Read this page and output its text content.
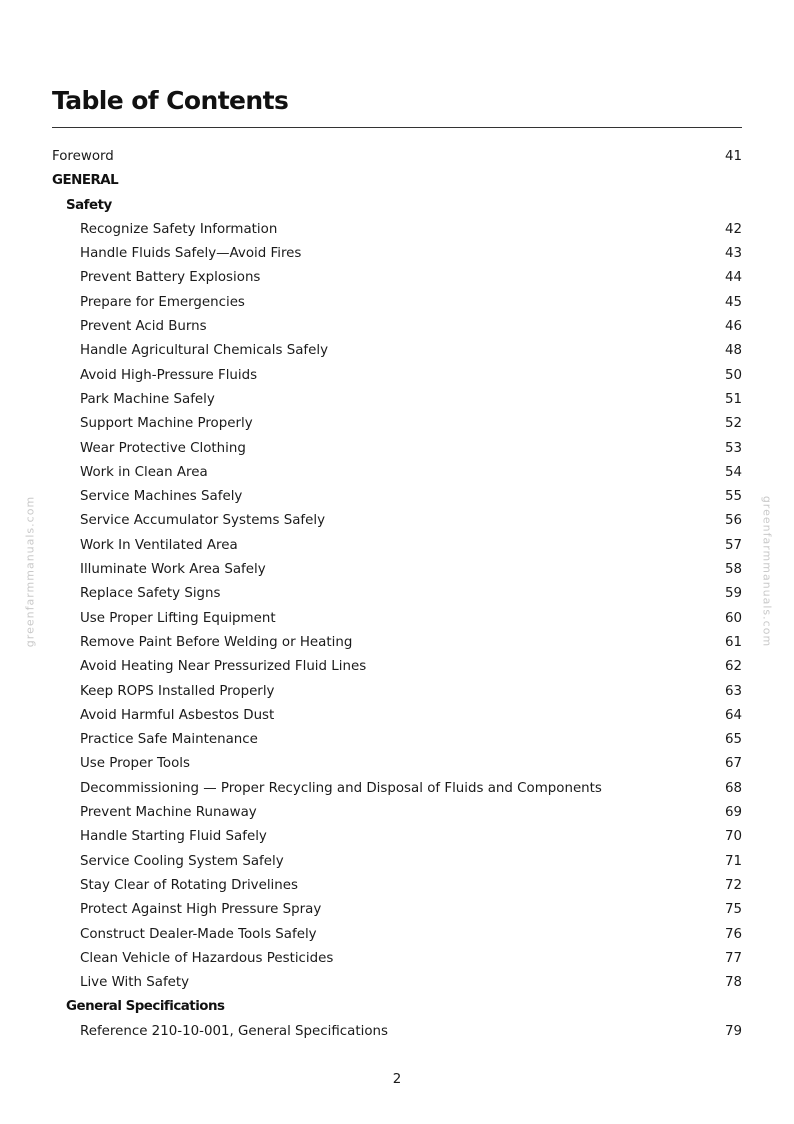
Table of Contents
Foreword	41
GENERAL
Safety
Recognize Safety Information	42
Handle Fluids Safely—Avoid Fires	43
Prevent Battery Explosions	44
Prepare for Emergencies	45
Prevent Acid Burns	46
Handle Agricultural Chemicals Safely	48
Avoid High-Pressure Fluids	50
Park Machine Safely	51
Support Machine Properly	52
Wear Protective Clothing	53
Work in Clean Area	54
Service Machines Safely	55
Service Accumulator Systems Safely	56
Work In Ventilated Area	57
Illuminate Work Area Safely	58
Replace Safety Signs	59
Use Proper Lifting Equipment	60
Remove Paint Before Welding or Heating	61
Avoid Heating Near Pressurized Fluid Lines	62
Keep ROPS Installed Properly	63
Avoid Harmful Asbestos Dust	64
Practice Safe Maintenance	65
Use Proper Tools	67
Decommissioning — Proper Recycling and Disposal of Fluids and Components	68
Prevent Machine Runaway	69
Handle Starting Fluid Safely	70
Service Cooling System Safely	71
Stay Clear of Rotating Drivelines	72
Protect Against High Pressure Spray	75
Construct Dealer-Made Tools Safely	76
Clean Vehicle of Hazardous Pesticides	77
Live With Safety	78
General Specifications
Reference 210-10-001, General Specifications	79
greenfarmmanuals.com	greenfarmmanuals.com
2
